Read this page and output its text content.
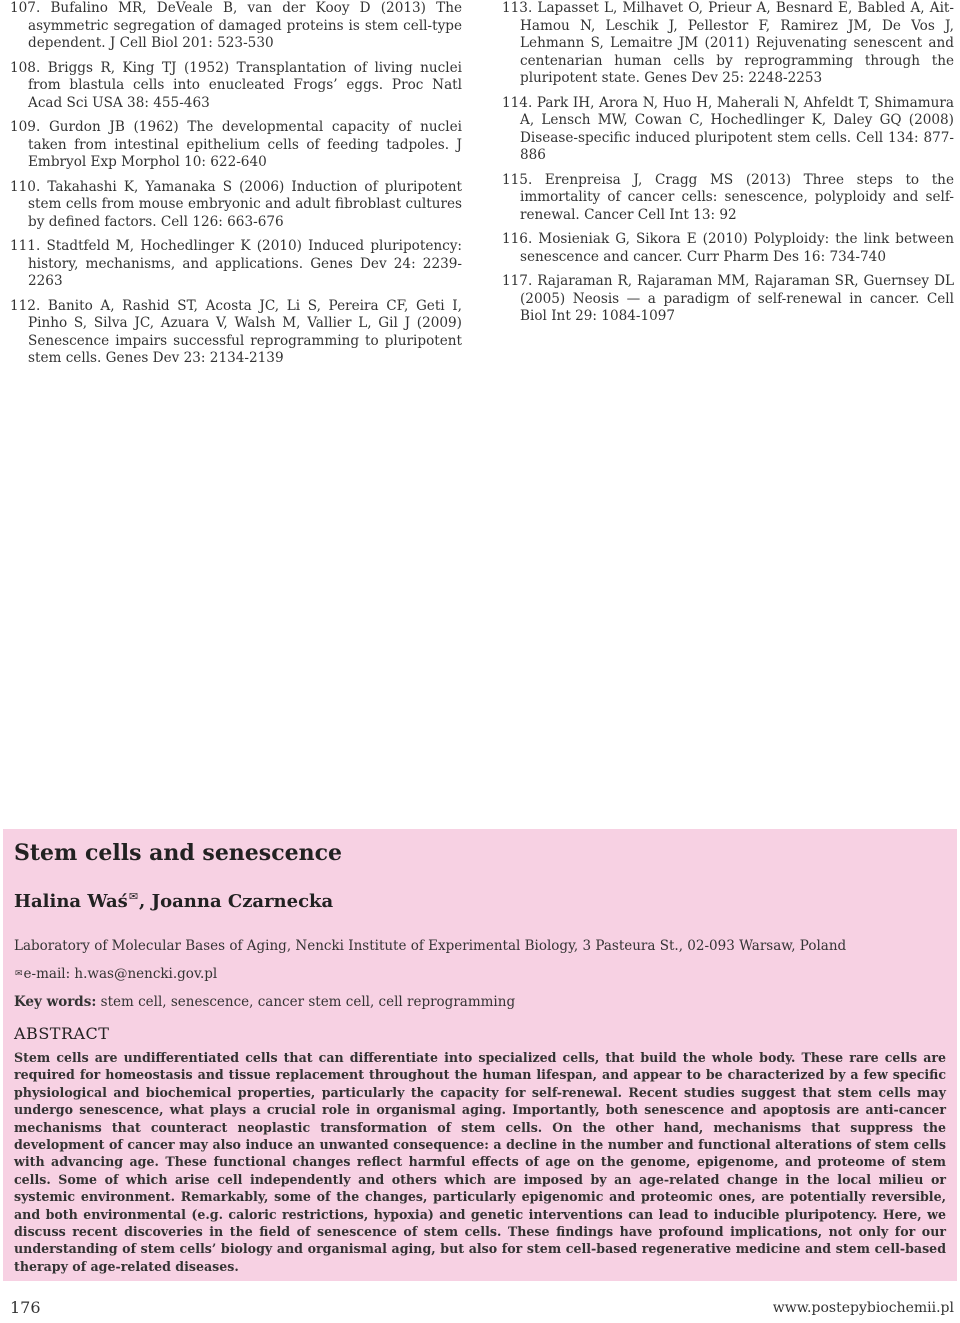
107. Bufalino MR, DeVeale B, van der Kooy D (2013) The asymmetric segregation of damaged proteins is stem cell-type dependent. J Cell Biol 201: 523-530

108. Briggs R, King TJ (1952) Transplantation of living nuclei from blastula cells into enucleated Frogs’ eggs. Proc Natl Acad Sci USA 38: 455-463

109. Gurdon JB (1962) The developmental capacity of nuclei taken from intestinal epithelium cells of feeding tadpoles. J Embryol Exp Morphol 10: 622-640

110. Takahashi K, Yamanaka S (2006) Induction of pluripotent stem cells from mouse embryonic and adult fibroblast cultures by defined factors. Cell 126: 663-676

111. Stadtfeld M, Hochedlinger K (2010) Induced pluripotency: history, mechanisms, and applications. Genes Dev 24: 2239-2263

112. Banito A, Rashid ST, Acosta JC, Li S, Pereira CF, Geti I, Pinho S, Silva JC, Azuara V, Walsh M, Vallier L, Gil J (2009) Senescence impairs successful reprogramming to pluripotent stem cells. Genes Dev 23: 2134-2139

113. Lapasset L, Milhavet O, Prieur A, Besnard E, Babled A, Ait-Hamou N, Leschik J, Pellestor F, Ramirez JM, De Vos J, Lehmann S, Lemaitre JM (2011) Rejuvenating senescent and centenarian human cells by reprogramming through the pluripotent state. Genes Dev 25: 2248-2253

114. Park IH, Arora N, Huo H, Maherali N, Ahfeldt T, Shimamura A, Lensch MW, Cowan C, Hochedlinger K, Daley GQ (2008) Disease-specific induced pluripotent stem cells. Cell 134: 877-886

115. Erenpreisa J, Cragg MS (2013) Three steps to the immortality of cancer cells: senescence, polyploidy and self-renewal. Cancer Cell Int 13: 92

116. Mosieniak G, Sikora E (2010) Polyploidy: the link between senescence and cancer. Curr Pharm Des 16: 734-740

117. Rajaraman R, Rajaraman MM, Rajaraman SR, Guernsey DL (2005) Neosis — a paradigm of self-renewal in cancer. Cell Biol Int 29: 1084-1097

Stem cells and senescence
Halina Waś✉, Joanna Czarnecka

Laboratory of Molecular Bases of Aging, Nencki Institute of Experimental Biology, 3 Pasteura St., 02-093 Warsaw, Poland

✉e-mail: h.was@nencki.gov.pl

Key words: stem cell, senescence, cancer stem cell, cell reprogramming

ABSTRACT

Stem cells are undifferentiated cells that can differentiate into specialized cells, that build the whole body. These rare cells are required for homeostasis and tissue replacement throughout the human lifespan, and appear to be characterized by a few specific physiological and biochemical properties, particularly the capacity for self-renewal. Recent studies suggest that stem cells may undergo senescence, what plays a crucial role in organismal aging. Importantly, both senescence and apoptosis are anti-cancer mechanisms that counteract neoplastic transformation of stem cells. On the other hand, mechanisms that suppress the development of cancer may also induce an unwanted consequence: a decline in the number and functional alterations of stem cells with advancing age. These functional changes reflect harmful effects of age on the genome, epigenome, and proteome of stem cells. Some of which arise cell independently and others which are imposed by an age-related change in the local milieu or systemic environment. Remarkably, some of the changes, particularly epigenomic and proteomic ones, are potentially reversible, and both environmental (e.g. caloric restrictions, hypoxia) and genetic interventions can lead to inducible pluripotency. Here, we discuss recent discoveries in the field of senescence of stem cells. These findings have profound implications, not only for our understanding of stem cells’ biology and organismal aging, but also for stem cell-based regenerative medicine and stem cell-based therapy of age-related diseases.

176	www.postepybiochemii.pl
